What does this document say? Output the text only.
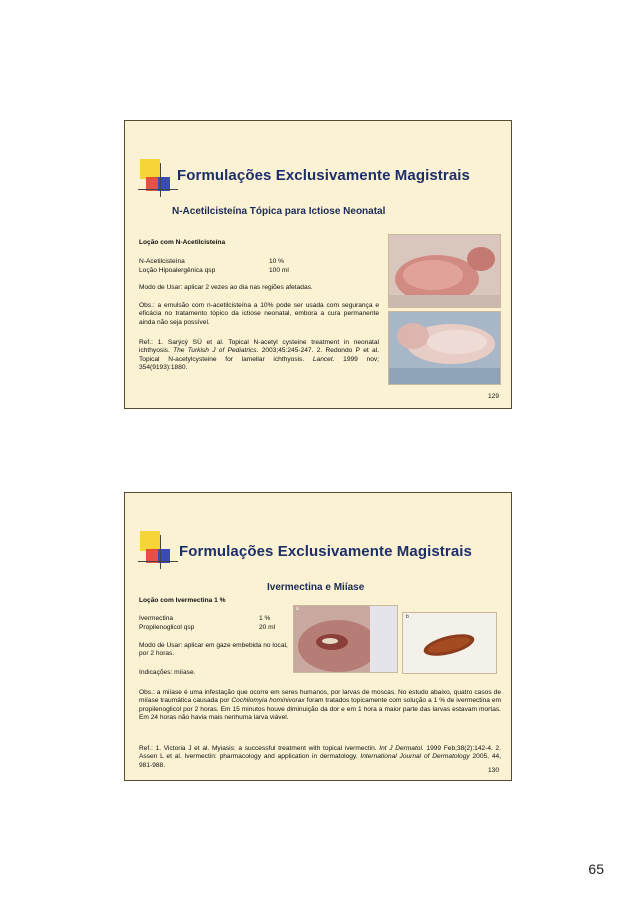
Formulações Exclusivamente Magistrais
N-Acetilcisteína Tópica para Ictiose Neonatal
Loção com N-Acetilcisteína
N-Acetilcisteína	10 %
Loção Hipoalergênica qsp	100 ml
Modo de Usar: aplicar 2 vezes ao dia nas regiões afetadas.
Obs.: a emulsão com n-acetilcisteína a 10% pode ser usada com segurança e eficácia no tratamento tópico da ictiose neonatal, embora a cura permanente ainda não seja possível.
Ref.: 1. Sarýcý SÜ et al. Topical N-acetyl cysteine treatment in neonatal ichthyosis. The Turkish J of Pediatrics. 2003;45:245-247. 2. Redondo P et al. Topical N-acetylcysteine for lamellar ichthyosis. Lancet. 1999 nov; 354(9193):1880.
129
Formulações Exclusivamente Magistrais
Ivermectina e Miíase
Loção com Ivermectina 1 %
Ivermectina	1 %
Propilenoglicol qsp	20 ml
Modo de Usar: aplicar em gaze embebida no local, por 2 horas.
Indicações: miíase.
a
b
Obs.: a miíase é uma infestação que ocorre em seres humanos, por larvas de moscas. No estudo abaixo, quatro casos de miíase traumática causada por Cochliomyia hominivorax foram tratados topicamente com solução a 1 % de ivermectina em propilenoglicol por 2 horas. Em 15 minutos houve diminuição da dor e em 1 hora a maior parte das larvas estavam mortas. Em 24 horas não havia mais nenhuma larva viável.
Ref.: 1. Victoria J et al. Myiasis: a successful treatment with topical ivermectin. Int J Dermatol. 1999 Feb;38(2):142-4. 2. Assen L et al. Ivermectin: pharmacology and application in dermatology. International Journal of Dermatology 2005, 44, 981-988.
130
65
